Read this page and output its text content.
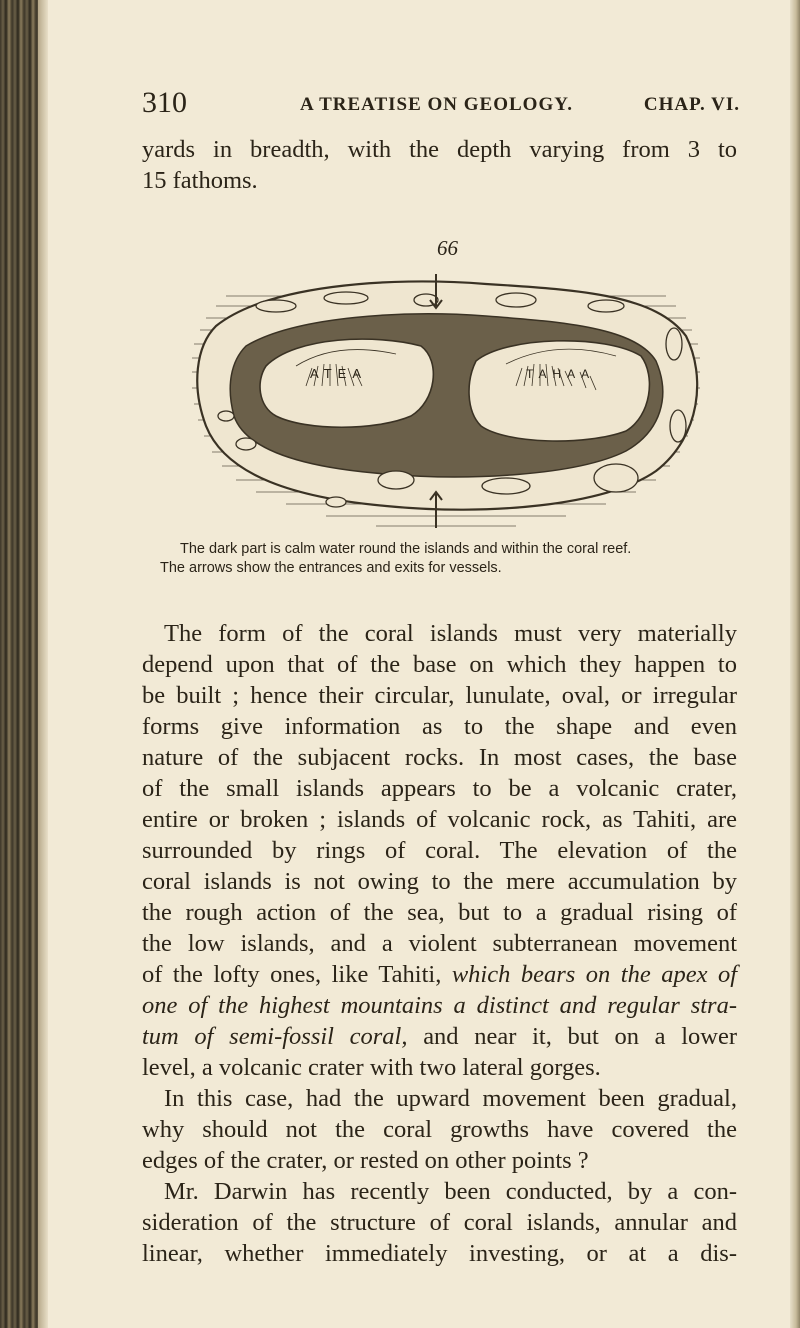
310	A TREATISE ON GEOLOGY.	CHAP. VI.
yards in breadth, with the depth varying from 3 to
15 fathoms.
66
ATEA	TAHAA
The dark part is calm water round the islands and within the coral reef.
The arrows show the entrances and exits for vessels.
The form of the coral islands must very materially
depend upon that of the base on which they happen to
be built ; hence their circular, lunulate, oval, or irregular
forms give information as to the shape and even
nature of the subjacent rocks. In most cases, the base
of the small islands appears to be a volcanic crater,
entire or broken ; islands of volcanic rock, as Tahiti, are
surrounded by rings of coral. The elevation of the
coral islands is not owing to the mere accumulation by
the rough action of the sea, but to a gradual rising of
the low islands, and a violent subterranean movement
of the lofty ones, like Tahiti, which bears on the apex of
one of the highest mountains a distinct and regular stra-
tum of semi-fossil coral, and near it, but on a lower
level, a volcanic crater with two lateral gorges.
In this case, had the upward movement been gradual,
why should not the coral growths have covered the
edges of the crater, or rested on other points ?
Mr. Darwin has recently been conducted, by a con-
sideration of the structure of coral islands, annular and
linear, whether immediately investing, or at a dis-
